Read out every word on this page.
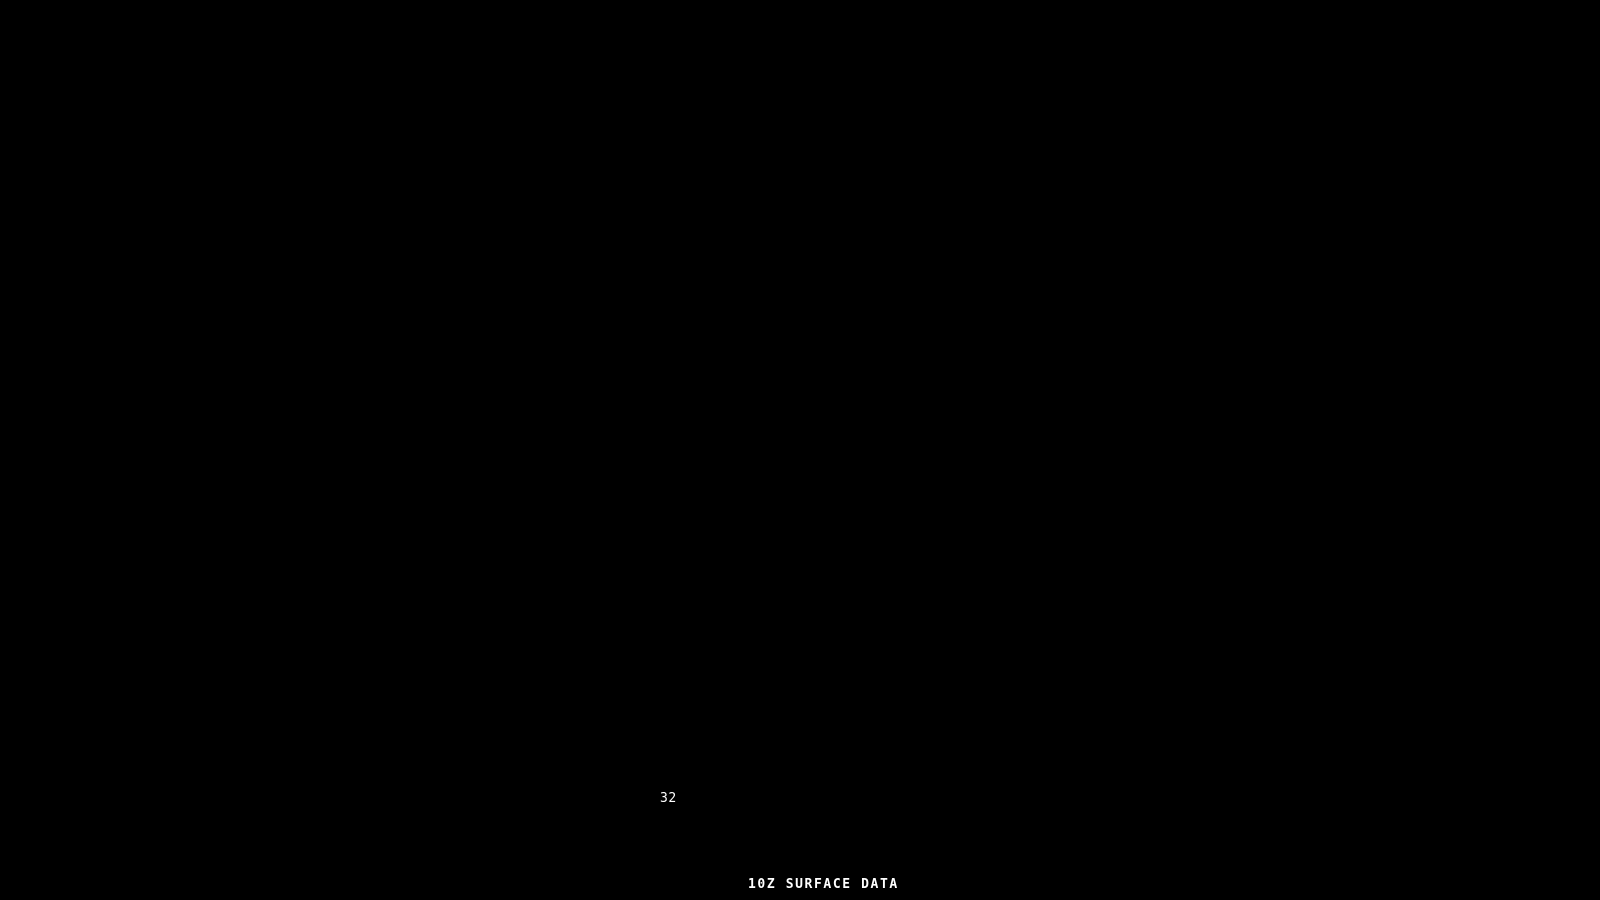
32
10Z SURFACE DATA
